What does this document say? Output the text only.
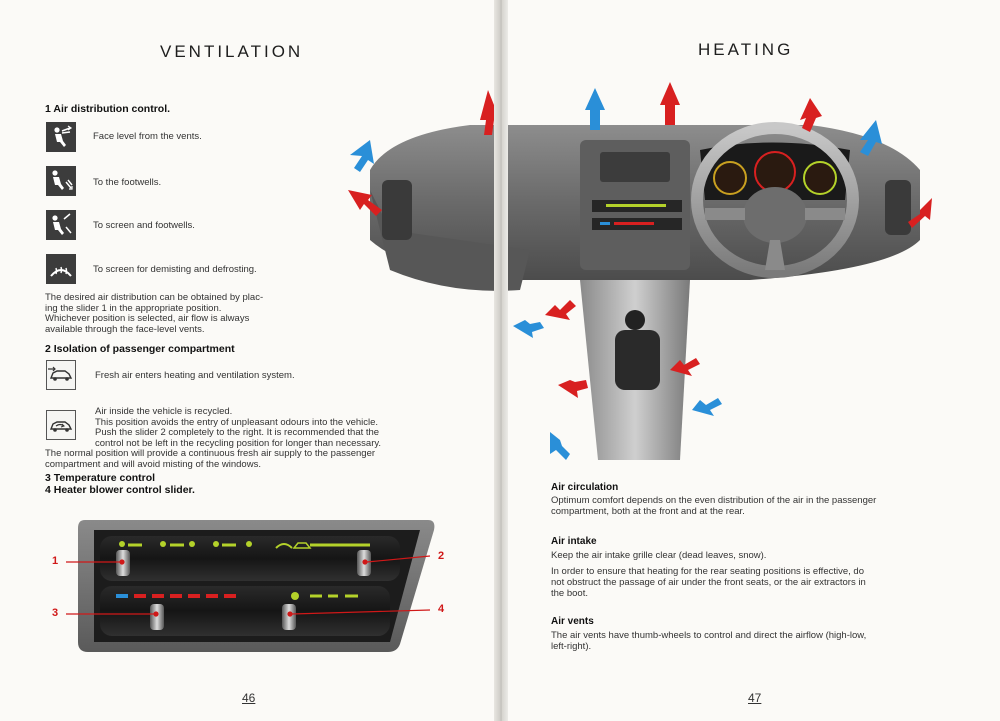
VENTILATION
1 Air distribution control.
Face level from the vents.
To the footwells.
To screen and footwells.
To screen for demisting and defrosting.
The desired air distribution can be obtained by plac-
ing the slider 1 in the appropriate position.
Whichever position is selected, air flow is always
available through the face-level vents.
2 Isolation of passenger compartment
Fresh air enters heating and ventilation system.
Air inside the vehicle is recycled.
This position avoids the entry of unpleasant odours into the vehicle.
Push the slider 2 completely to the right. It is recommended that the
control not be left in the recycling position for longer than necessary.
The normal position will provide a continuous fresh air supply to the passenger
compartment and will avoid misting of the windows.
3 Temperature control
4 Heater blower control slider.
1	2
3	4
46
HEATING
Air circulation
Optimum comfort depends on the even distribution of the air in the passenger
compartment, both at the front and at the rear.
Air intake
Keep the air intake grille clear (dead leaves, snow).
In order to ensure that heating for the rear seating positions is effective, do
not obstruct the passage of air under the front seats, or the air extractors in
the boot.
Air vents
The air vents have thumb-wheels to control and direct the airflow (high-low,
left-right).
47
